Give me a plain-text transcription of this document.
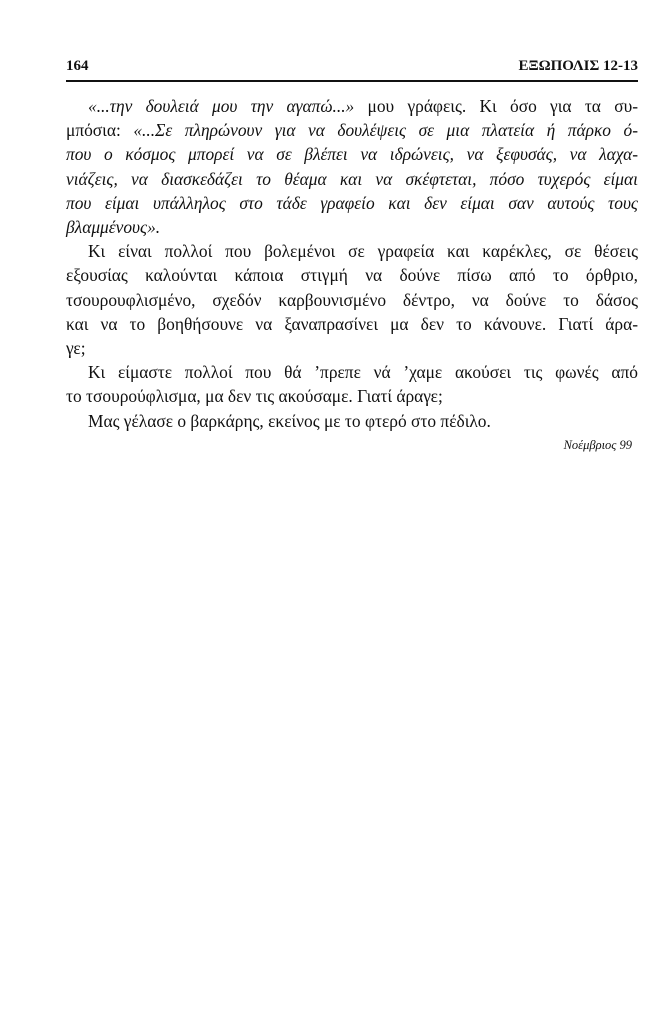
164	ΕΞΩΠΟΛΙΣ 12-13

«...την δουλειά μου την αγαπώ...» μου γράφεις. Κι όσο για τα συ-
μπόσια: «...Σε πληρώνουν για να δουλέψεις σε μια πλατεία ή πάρκο ό-
που ο κόσμος μπορεί να σε βλέπει να ιδρώνεις, να ξεφυσάς, να λαχα-
νιάζεις, να διασκεδάζει το θέαμα και να σκέφτεται, πόσο τυχερός είμαι
που είμαι υπάλληλος στο τάδε γραφείο και δεν είμαι σαν αυτούς τους
βλαμμένους».

Κι είναι πολλοί που βολεμένοι σε γραφεία και καρέκλες, σε θέσεις
εξουσίας καλούνται κάποια στιγμή να δούνε πίσω από το όρθριο,
τσουρουφλισμένο, σχεδόν καρβουνισμένο δέντρο, να δούνε το δάσος
και να το βοηθήσουνε να ξαναπρασίνει μα δεν το κάνουνε. Γιατί άρα-
γε;

Κι είμαστε πολλοί που θά ’πρεπε νά ’χαμε ακούσει τις φωνές από
το τσουρούφλισμα, μα δεν τις ακούσαμε. Γιατί άραγε;

Μας γέλασε ο βαρκάρης, εκείνος με το φτερό στο πέδιλο.

Νοέμβριος 99
